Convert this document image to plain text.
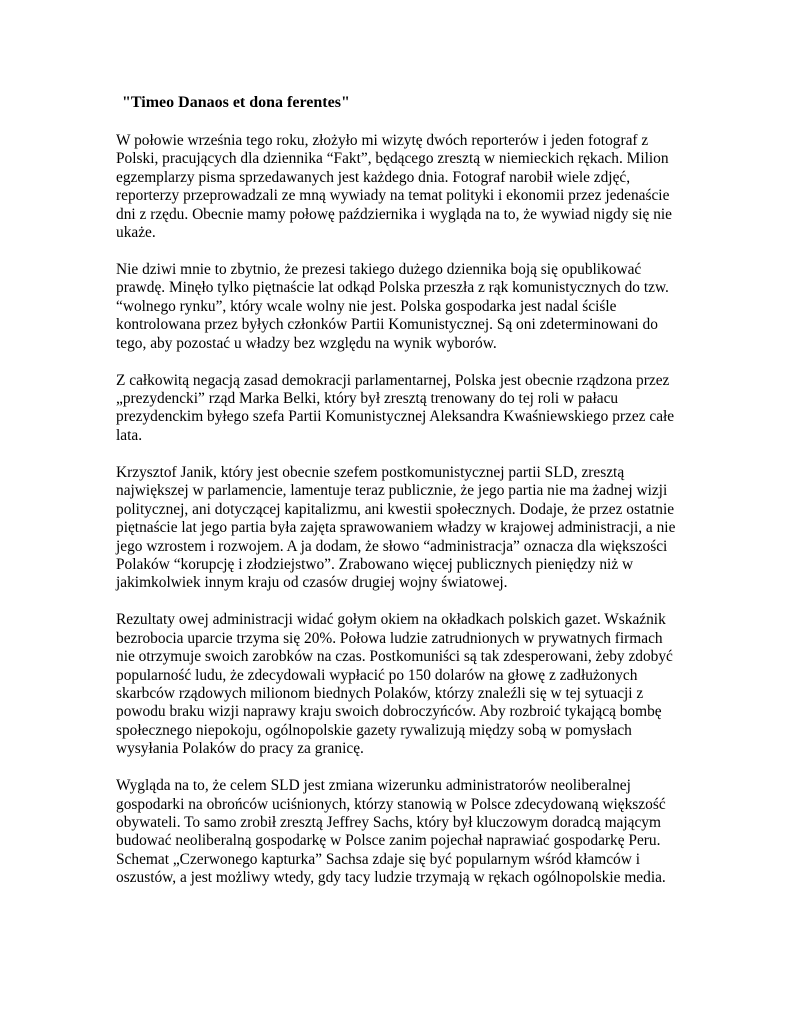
"Timeo Danaos et dona ferentes"

W połowie września tego roku, złożyło mi wizytę dwóch reporterów i jeden fotograf z Polski, pracujących dla dziennika “Fakt”, będącego zresztą w niemieckich rękach. Milion egzemplarzy pisma sprzedawanych jest każdego dnia. Fotograf narobił wiele zdjęć, reporterzy przeprowadzali ze mną wywiady na temat polityki i ekonomii przez jedenaście dni z rzędu. Obecnie mamy połowę października i wygląda na to, że wywiad nigdy się nie ukaże.

Nie dziwi mnie to zbytnio, że prezesi takiego dużego dziennika boją się opublikować prawdę. Minęło tylko piętnaście lat odkąd Polska przeszła z rąk komunistycznych do tzw. “wolnego rynku”, który wcale wolny nie jest. Polska gospodarka jest nadal ściśle kontrolowana przez byłych członków Partii Komunistycznej. Są oni zdeterminowani do tego, aby pozostać u władzy bez względu na wynik wyborów.

Z całkowitą negacją zasad demokracji parlamentarnej, Polska jest obecnie rządzona przez „prezydencki” rząd Marka Belki, który był zresztą trenowany do tej roli w pałacu prezydenckim byłego szefa Partii Komunistycznej Aleksandra Kwaśniewskiego przez całe lata.

Krzysztof Janik, który jest obecnie szefem postkomunistycznej partii SLD, zresztą największej w parlamencie, lamentuje teraz publicznie, że jego partia nie ma żadnej wizji politycznej, ani dotyczącej kapitalizmu, ani kwestii społecznych. Dodaje, że przez ostatnie piętnaście lat jego partia była zajęta sprawowaniem władzy w krajowej administracji, a nie jego wzrostem i rozwojem. A ja dodam, że słowo “administracja” oznacza dla większości Polaków “korupcję i złodziejstwo”. Zrabowano więcej publicznych pieniędzy niż w jakimkolwiek innym kraju od czasów drugiej wojny światowej.

Rezultaty owej administracji widać gołym okiem na okładkach polskich gazet. Wskaźnik bezrobocia uparcie trzyma się 20%. Połowa ludzie zatrudnionych w prywatnych firmach nie otrzymuje swoich zarobków na czas. Postkomuniści są tak zdesperowani, żeby zdobyć popularność ludu, że zdecydowali wypłacić po 150 dolarów na głowę z zadłużonych skarbców rządowych milionom biednych Polaków, którzy znaleźli się w tej sytuacji z powodu braku wizji naprawy kraju swoich dobroczyńców. Aby rozbroić tykającą bombę społecznego niepokoju, ogólnopolskie gazety rywalizują między sobą w pomysłach wysyłania Polaków do pracy za granicę.

Wygląda na to, że celem SLD jest zmiana wizerunku administratorów neoliberalnej gospodarki na obrońców uciśnionych, którzy stanowią w Polsce zdecydowaną większość obywateli. To samo zrobił zresztą Jeffrey Sachs, który był kluczowym doradcą mającym budować neoliberalną gospodarkę w Polsce zanim pojechał naprawiać gospodarkę Peru. Schemat „Czerwonego kapturka” Sachsa zdaje się być popularnym wśród kłamców i oszustów, a jest możliwy wtedy, gdy tacy ludzie trzymają w rękach ogólnopolskie media.
